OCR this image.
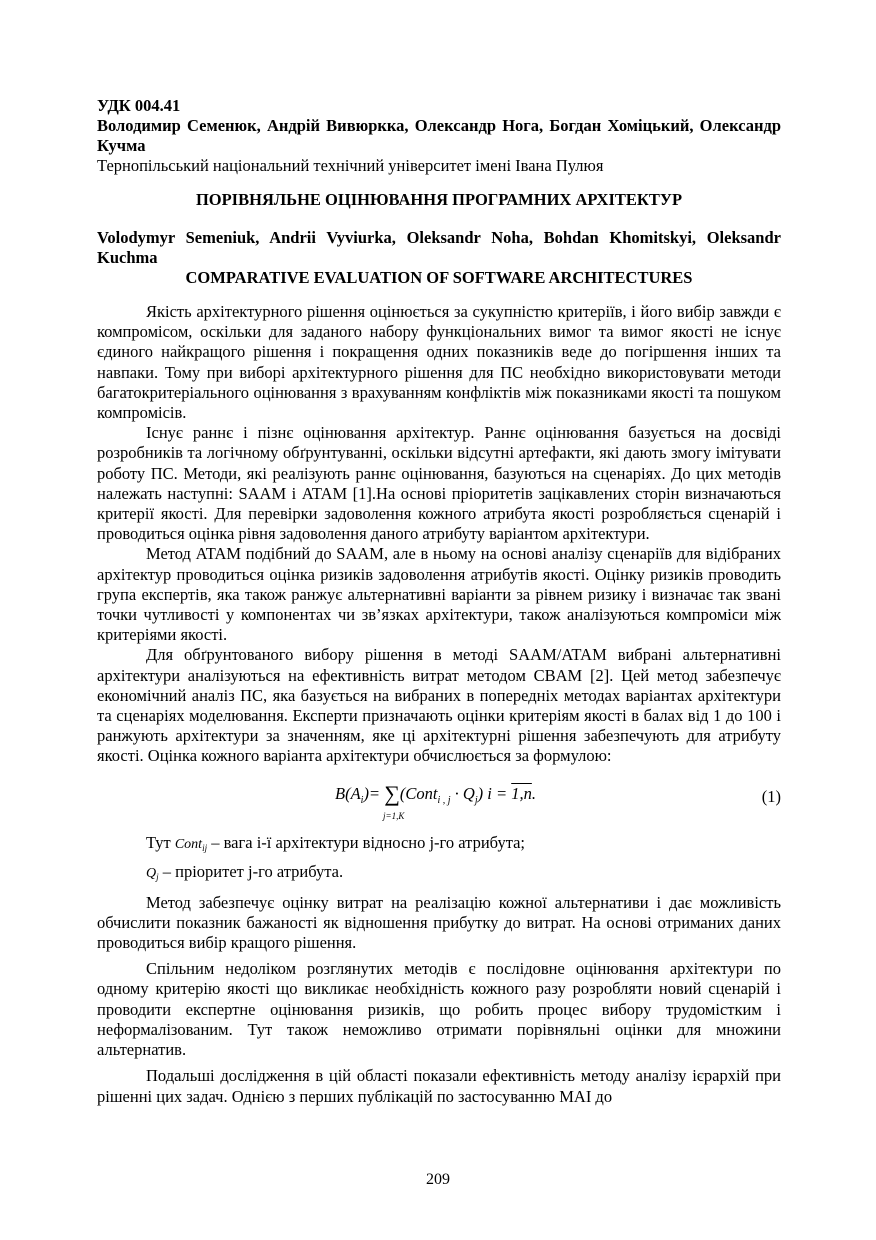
УДК 004.41

Володимир Семенюк, Андрій Вивюркка, Олександр Нога, Богдан Хоміцький, Олександр Кучма

Тернопільський національний технічний університет імені Івана Пулюя

ПОРІВНЯЛЬНЕ ОЦІНЮВАННЯ ПРОГРАМНИХ АРХІТЕКТУР

Volodymyr Semeniuk, Andrii Vyviurka, Oleksandr Noha, Bohdan Khomitskyi, Oleksandr Kuchma

COMPARATIVE EVALUATION OF SOFTWARE ARCHITECTURES

Якість архітектурного рішення оцінюється за сукупністю критеріїв, і його вибір завжди є компромісом, оскільки для заданого набору функціональних вимог та вимог якості не існує єдиного найкращого рішення і покращення одних показників веде до погіршення інших та навпаки. Тому при виборі архітектурного рішення для ПС необхідно використовувати методи багатокритеріального оцінювання з врахуванням конфліктів між показниками якості та пошуком компромісів.

Існує раннє і пізнє оцінювання архітектур. Раннє оцінювання базується на досвіді розробників та логічному обґрунтуванні, оскільки відсутні артефакти, які дають змогу імітувати роботу ПС. Методи, які реалізують раннє оцінювання, базуються на сценаріях. До цих методів належать наступні: SAAM і ATAM [1].На основі пріоритетів зацікавлених сторін визначаються критерії якості. Для перевірки задоволення кожного атрибута якості розробляється сценарій і проводиться оцінка рівня задоволення даного атрибуту варіантом архітектури.

Метод ATAM подібний до SAAM, але в ньому на основі аналізу сценаріїв для відібраних архітектур проводиться оцінка ризиків задоволення атрибутів якості. Оцінку ризиків проводить група експертів, яка також ранжує альтернативні варіанти за рівнем ризику і визначає так звані точки чутливості у компонентах чи зв’язках архітектури, також аналізуються компроміси між критеріями якості.

Для обґрунтованого вибору рішення в методі SAAM/ATAM вибрані альтернативні архітектури аналізуються на ефективність витрат методом CBAM [2]. Цей метод забезпечує економічний аналіз ПС, яка базується на вибраних в попередніх методах варіантах архітектури та сценаріях моделювання. Експерти призначають оцінки критеріям якості в балах від 1 до 100 і ранжують архітектури за значенням, яке ці архітектурні рішення забезпечують для атрибуту якості. Оцінка кожного варіанта архітектури обчислюється за формулою:

$B(A_i)=$ ∑(Cont$_{i , j}$ · $Q_j$) i = 1,n.
j=1,K
(1)

Тут Cont$_{ij}$ – вага і-ї архітектури відносно j-го атрибута;

Qj – пріоритет j-го атрибута.

Метод забезпечує оцінку витрат на реалізацію кожної альтернативи і дає можливість обчислити показник бажаності як відношення прибутку до витрат. На основі отриманих даних проводиться вибір кращого рішення.

Спільним недоліком розглянутих методів є послідовне оцінювання архітектури по одному критерію якості що викликає необхідність кожного разу розробляти новий сценарій і проводити експертне оцінювання ризиків, що робить процес вибору трудомістким і неформалізованим. Тут також неможливо отримати порівняльні оцінки для множини альтернатив.

Подальші дослідження в цій області показали ефективність методу аналізу ієрархій при рішенні цих задач. Однією з перших публікацій по застосуванню MAI до

209
